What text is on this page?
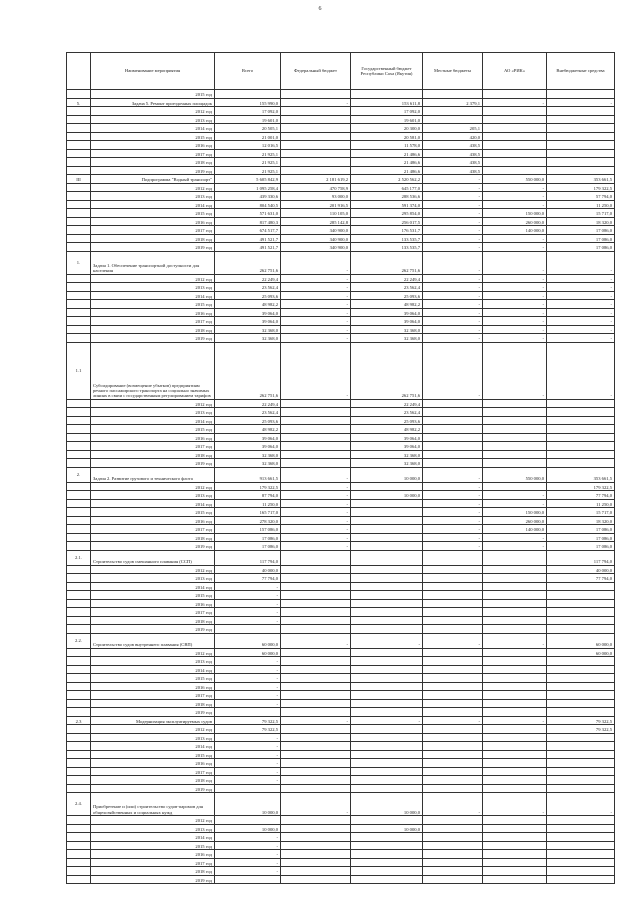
6
	Наименование мероприятия	Всего	Федеральный бюджет	Государственный бюджет Республики Саха (Якутия)	Местные бюджеты	АО «РИК»	Внебюджетные средства
	2015 год						
5.	Задача 5. Ремонт проездочных площадок	155 990,0	-	153 611,8	2 379,1	-	-
	2012 год	17 092,0		17 092,0			
	2013 год	19 601,0		19 601,0			
	2014 год	20 505,1		20 300,0	205,1		
	2015 год	21 001,0		20 581,0	420,0		
	2016 год	12 016,5		11 578,0	438,5		
	2017 год	21 925,1		21 486,6	438,5		
	2018 год	21 925,1		21 486,6	438,5		
	2019 год	21 925,1		21 486,6	438,5		
III	Подпрограмма "Водный транспорт"	5 605 842,9	2 181 619,2	2 520 562,2	-	550 000,0	353 661,5
	2012 год	1 095 258,4	470 758,9	645 177,0	-	-	179 322,5
	2013 год	439 330,6	93 000,0	288 536,6	-	-	57 794,0
	2014 год	804 540,5	201 916,5	591 374,0	-	-	11 250,0
	2015 год	571 631,0	110 105,0	295 854,0	-	150 000,0	15 717,0
	2016 год	817 480,3	285 142,8	256 017,5	-	260 000,0	18 320,0
	2017 год	674 517,7	340 900,0	176 531,7	-	140 000,0	17 086,0
	2018 год	491 521,7	340 900,0	133 535,7	-	-	17 086,0
	2019 год	491 521,7	340 900,0	133 535,7	-	-	17 086,0
1.	Задача 1. Обеспечение транспортной доступности для населения	262 751,6	-	262 751,6	-	-	-
	2012 год	22 249,4	-	22 249,4	-	-	-
	2013 год	23 562,4	-	23 562,4	-	-	-
	2014 год	25 093,6	-	25 093,6	-	-	-
	2015 год	48 982,2	-	48 982,2	-	-	-
	2016 год	39 064,0	-	39 064,0	-	-	-
	2017 год	39 064,0	-	39 064,0	-	-	-
	2018 год	32 368,0	-	32 368,0	-	-	-
	2019 год	32 368,0	-	32 368,0	-	-	-
1.1	Субсидирование (возмещение убытков) предприятиям речного пассажирского транспорта на социально значимых линиях в связи с государственным регулированием тарифов	262 751,6	-	262 751,6	-	-	-
	2012 год	22 249,4		22 249,4			
	2013 год	23 562,4		23 562,4			
	2014 год	25 093,6		25 093,6			
	2015 год	48 982,2		48 982,2			
	2016 год	39 064,0		39 064,0			
	2017 год	39 064,0		39 064,0			
	2018 год	32 368,0		32 368,0			
	2019 год	32 368,0		32 368,0			
2.	Задача 2. Развитие грузового и технического флота	913 661,5	-	10 000,0	-	550 000,0	353 661,5
	2012 год	179 322,5	-		-		179 322,5
	2013 год	87 794,0	-	10 000,0	-	-	77 794,0
	2014 год	11 250,0	-		-	-	11 250,0
	2015 год	165 717,0	-		-	150 000,0	15 717,0
	2016 год	278 320,0	-		-	260 000,0	18 320,0
	2017 год	157 086,0	-		-	140 000,0	17 086,0
	2018 год	17 086,0	-		-	-	17 086,0
	2019 год	17 086,0	-		-	-	17 086,0
2.1.	Строительство судов смешанного плавания (ССП)	117 794,0					117 794,0
	2012 год	40 000,0					40 000,0
	2013 год	77 794,0					77 794,0
	2014 год	-					
	2015 год	-					
	2016 год	-					
	2017 год	-					
	2018 год	-					
	2019 год						
2.2.	Строительство судов внутреннего плавания (СВП)	60 000,0	-	-	-	-	60 000,0
	2012 год	60 000,0					60 000,0
	2013 год	-					
	2014 год	-					
	2015 год	-					
	2016 год	-					
	2017 год	-					
	2018 год	-					
	2019 год						
2.3	Модернизация эксплуатируемых судов	79 322,5	-	-	-	-	79 322,5
	2012 год	79 322,5					79 322,5
	2013 год	-					
	2014 год	-					
	2015 год	-					
	2016 год	-					
	2017 год	-					
	2018 год	-					
	2019 год						
2.4.	Приобретение и (или) строительство судов-паромов для общехозяйственных и социальных нужд	10 000,0	-	10 000,0	-	-	-
	2012 год						
	2013 год	10 000,0		10 000,0			
	2014 год	-					
	2015 год	-					
	2016 год	-					
	2017 год	-					
	2018 год	-					
	2019 год						
